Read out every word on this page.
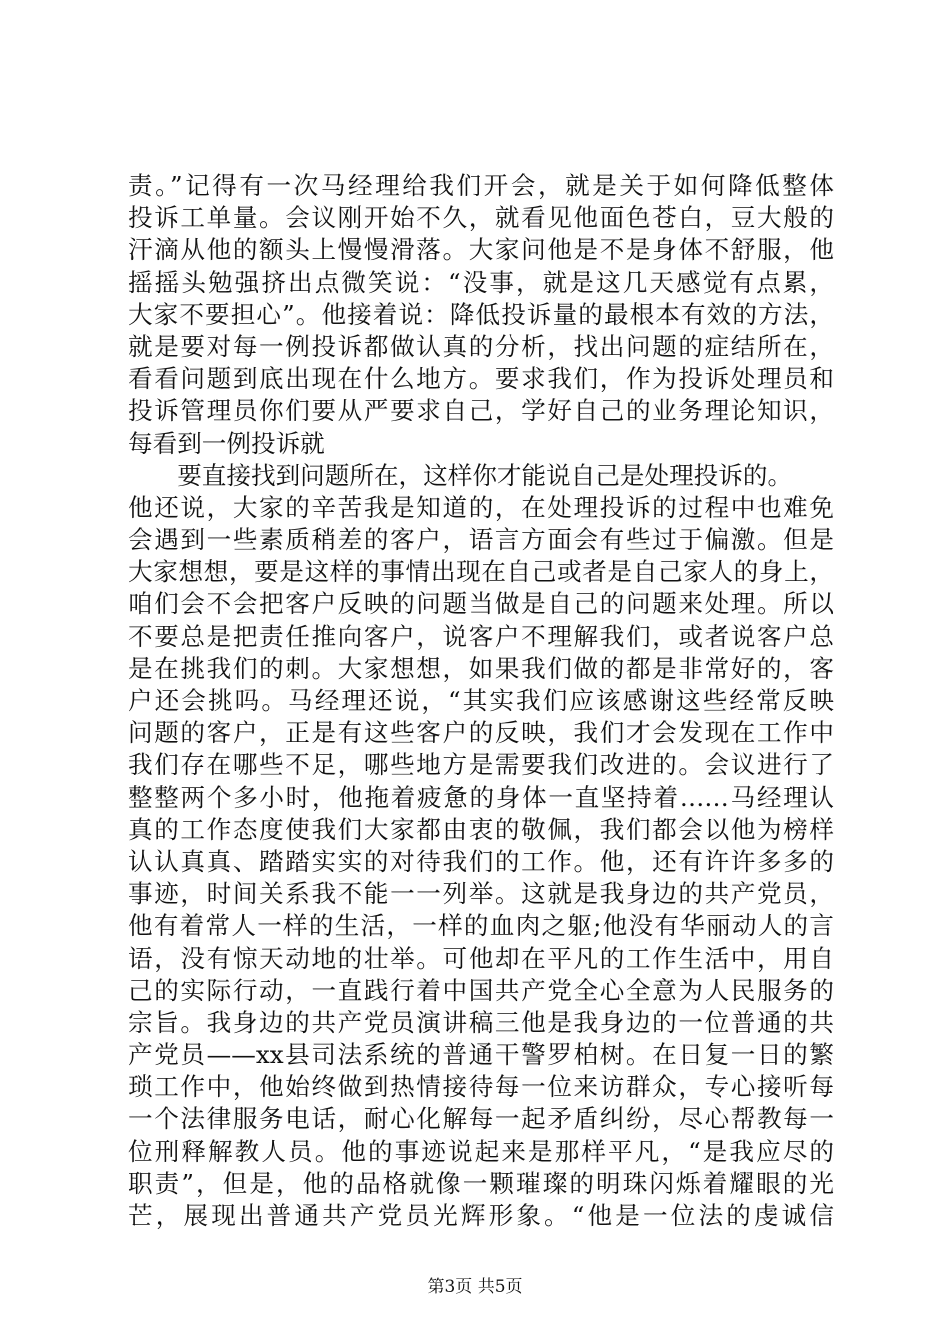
责。”记得有一次马经理给我们开会，就是关于如何降低整体
投诉工单量。会议刚开始不久，就看见他面色苍白，豆大般的
汗滴从他的额头上慢慢滑落。大家问他是不是身体不舒服，他
摇摇头勉强挤出点微笑说：“没事，就是这几天感觉有点累，
大家不要担心”。他接着说：降低投诉量的最根本有效的方法，
就是要对每一例投诉都做认真的分析，找出问题的症结所在，
看看问题到底出现在什么地方。要求我们，作为投诉处理员和
投诉管理员你们要从严要求自己，学好自己的业务理论知识，
每看到一例投诉就
　　要直接找到问题所在，这样你才能说自己是处理投诉的。
他还说，大家的辛苦我是知道的，在处理投诉的过程中也难免
会遇到一些素质稍差的客户，语言方面会有些过于偏激。但是
大家想想，要是这样的事情出现在自己或者是自己家人的身上，
咱们会不会把客户反映的问题当做是自己的问题来处理。所以
不要总是把责任推向客户，说客户不理解我们，或者说客户总
是在挑我们的刺。大家想想，如果我们做的都是非常好的，客
户还会挑吗。马经理还说，“其实我们应该感谢这些经常反映
问题的客户，正是有这些客户的反映，我们才会发现在工作中
我们存在哪些不足，哪些地方是需要我们改进的。会议进行了
整整两个多小时，他拖着疲惫的身体一直坚持着……马经理认
真的工作态度使我们大家都由衷的敬佩，我们都会以他为榜样
认认真真、踏踏实实的对待我们的工作。他，还有许许多多的
事迹，时间关系我不能一一列举。这就是我身边的共产党员，
他有着常人一样的生活，一样的血肉之躯;他没有华丽动人的言
语，没有惊天动地的壮举。可他却在平凡的工作生活中，用自
己的实际行动，一直践行着中国共产党全心全意为人民服务的
宗旨。我身边的共产党员演讲稿三他是我身边的一位普通的共
产党员——xx县司法系统的普通干警罗柏树。在日复一日的繁
琐工作中，他始终做到热情接待每一位来访群众，专心接听每
一个法律服务电话，耐心化解每一起矛盾纠纷，尽心帮教每一
位刑释解教人员。他的事迹说起来是那样平凡，“是我应尽的
职责”，但是，他的品格就像一颗璀璨的明珠闪烁着耀眼的光
芒，展现出普通共产党员光辉形象。“他是一位法的虔诚信
第3页 共5页
